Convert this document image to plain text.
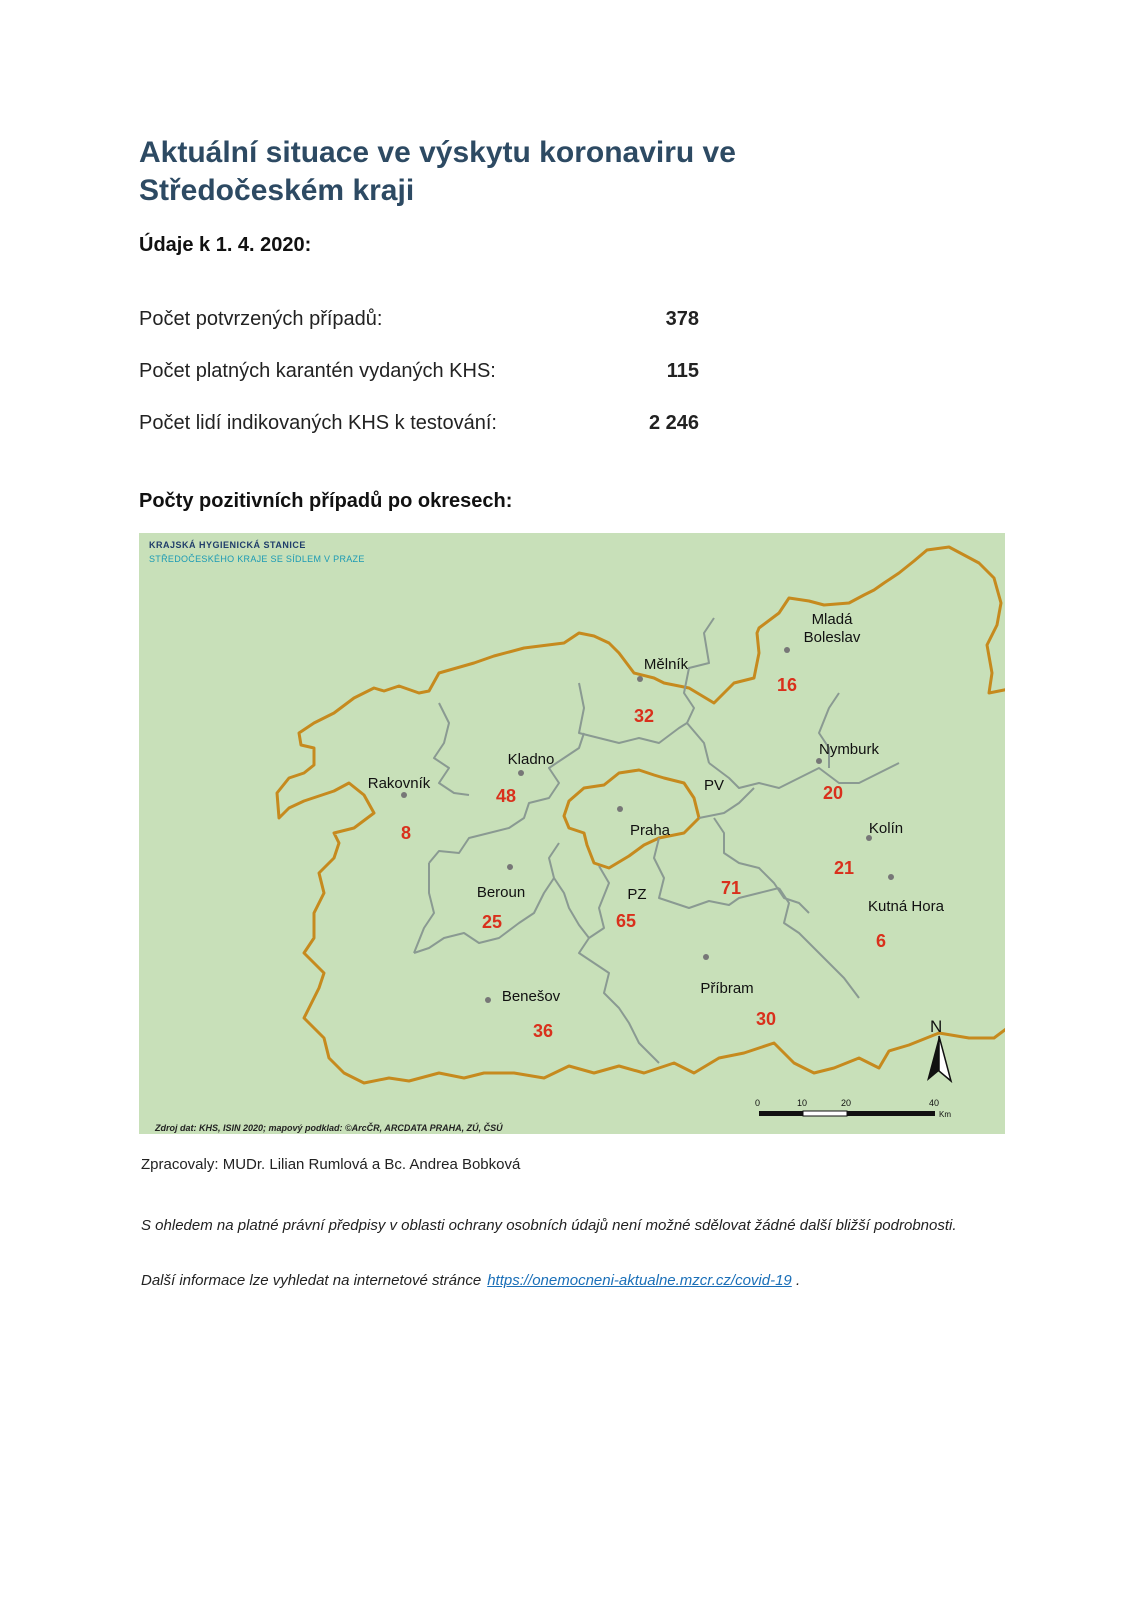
Aktuální situace ve výskytu koronaviru ve Středočeském kraji
Údaje k 1. 4. 2020:
Počet potvrzených případů:	378
Počet platných karantén vydaných KHS:	115
Počet lidí indikovaných KHS k testování:	2 246
Počty pozitivních případů po okresech:
KRAJSKÁ HYGIENICKÁ STANICE
STŘEDOČESKÉHO KRAJE SE SÍDLEM V PRAZE
Mladá Boleslav
16
Mělník
32
Kladno
48
Rakovník
8
Nymburk
20
PV
71
Praha	Kolín
21
Kutná Hora
6
Beroun
25
PZ
65
Příbram
30
Benešov
36	N
0	10	20	40
Km
Zdroj dat: KHS, ISIN 2020; mapový podklad: ©ArcČR, ARCDATA PRAHA, ZÚ, ČSÚ
Zpracovaly: MUDr. Lilian Rumlová a Bc. Andrea Bobková
S ohledem na platné právní předpisy v oblasti ochrany osobních údajů není možné sdělovat žádné další bližší podrobnosti.
Další informace lze vyhledat na internetové stránce https://onemocneni-aktualne.mzcr.cz/covid-19 .
